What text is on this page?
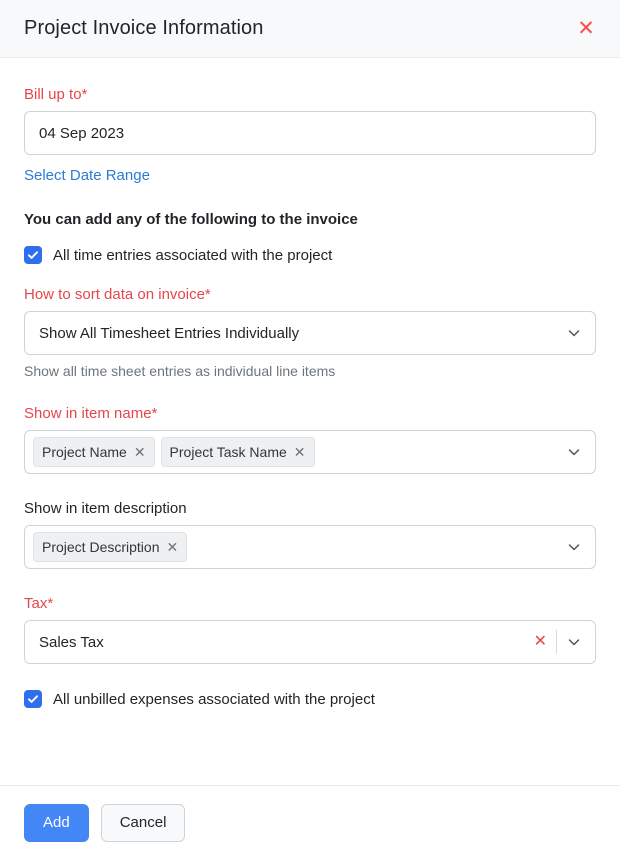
Project Invoice Information	✕
Bill up to*
04 Sep 2023 Select Date Range
You can add any of the following to the invoice
All time entries associated with the project
How to sort data on invoice*
Show All Timesheet Entries Individually
Show all time sheet entries as individual line items
Show in item name*
Project Name ✕ Project Task Name ✕
Show in item description
Project Description ✕
Tax*
Sales Tax	✕
All unbilled expenses associated with the project
Add	Cancel
